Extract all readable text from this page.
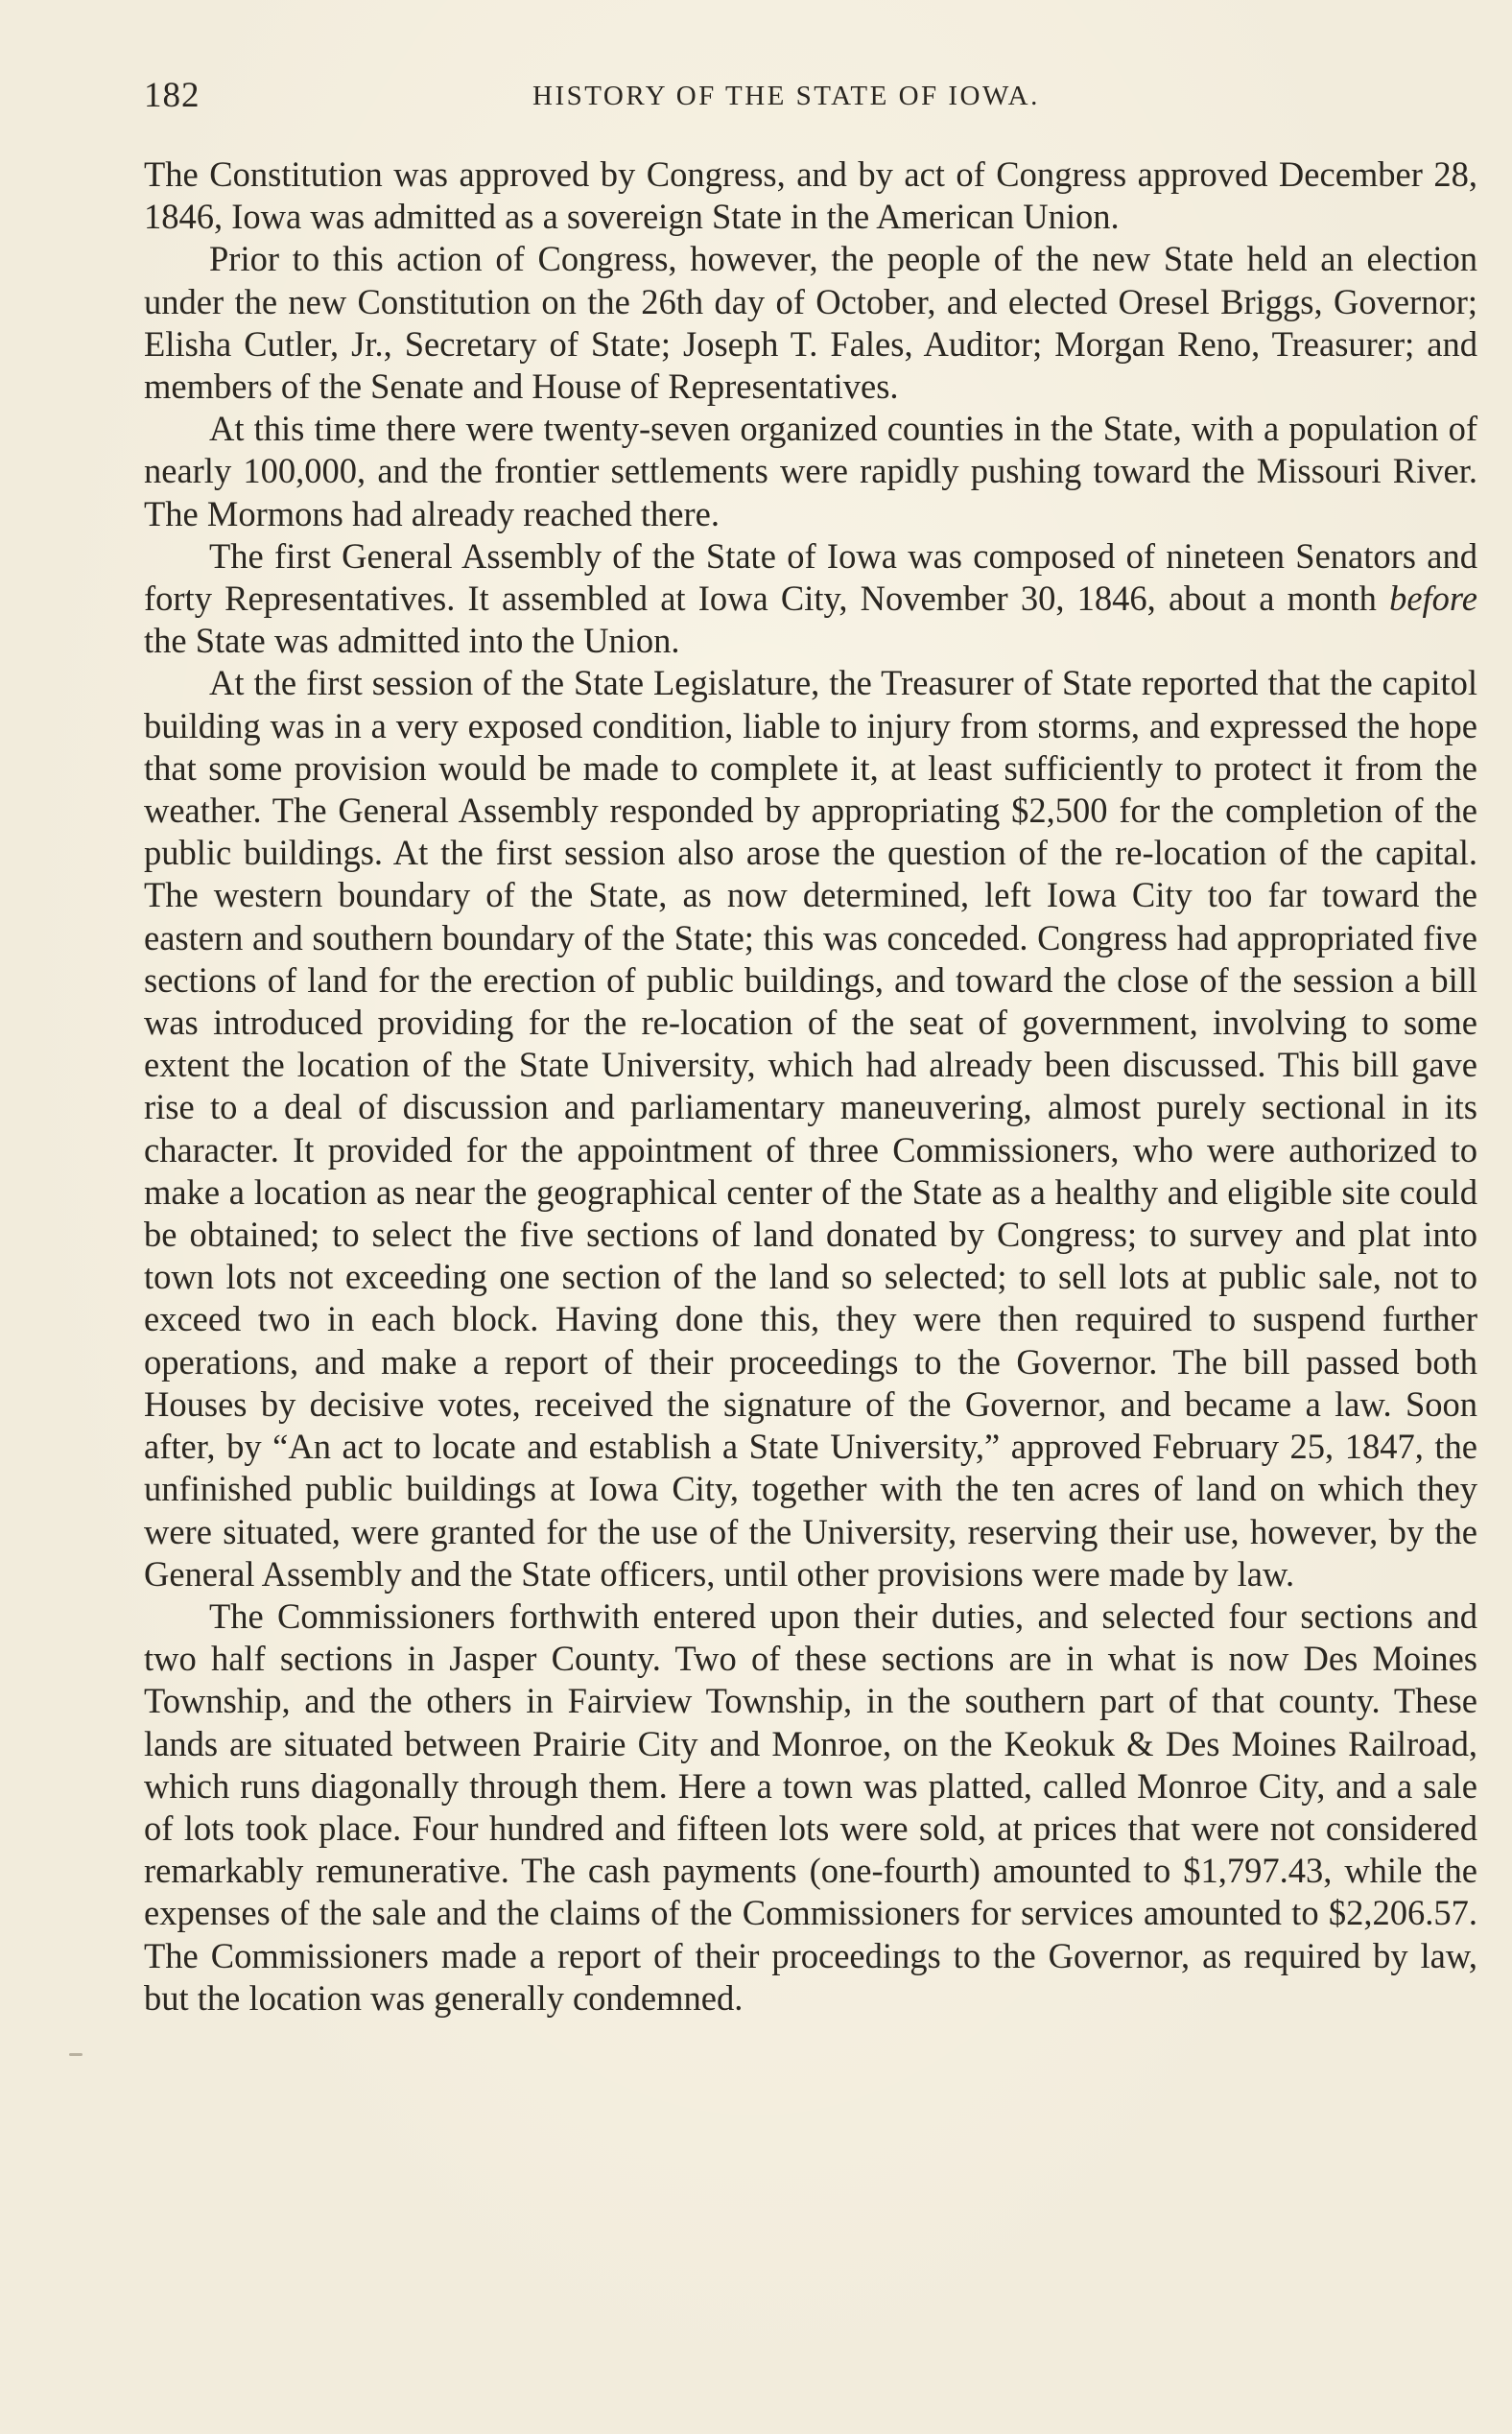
182	HISTORY OF THE STATE OF IOWA.

The Constitution was approved by Congress, and by act of Congress approved December 28, 1846, Iowa was admitted as a sovereign State in the American Union.

Prior to this action of Congress, however, the people of the new State held an election under the new Constitution on the 26th day of October, and elected Oresel Briggs, Governor; Elisha Cutler, Jr., Secretary of State; Joseph T. Fales, Auditor; Morgan Reno, Treasurer; and members of the Senate and House of Representatives.

At this time there were twenty-seven organized counties in the State, with a population of nearly 100,000, and the frontier settlements were rapidly pushing toward the Missouri River. The Mormons had already reached there.

The first General Assembly of the State of Iowa was composed of nineteen Senators and forty Representatives. It assembled at Iowa City, November 30, 1846, about a month before the State was admitted into the Union.

At the first session of the State Legislature, the Treasurer of State reported that the capitol building was in a very exposed condition, liable to injury from storms, and expressed the hope that some provision would be made to complete it, at least sufficiently to protect it from the weather. The General Assembly responded by appropriating $2,500 for the completion of the public buildings. At the first session also arose the question of the re-location of the capital. The western boundary of the State, as now determined, left Iowa City too far toward the eastern and southern boundary of the State; this was conceded. Congress had appropriated five sections of land for the erection of public buildings, and toward the close of the session a bill was introduced providing for the re-location of the seat of government, involving to some extent the location of the State University, which had already been discussed. This bill gave rise to a deal of discussion and parliamentary maneuvering, almost purely sectional in its character. It provided for the appointment of three Commissioners, who were authorized to make a location as near the geographical center of the State as a healthy and eligible site could be obtained; to select the five sections of land donated by Congress; to survey and plat into town lots not exceeding one section of the land so selected; to sell lots at public sale, not to exceed two in each block. Having done this, they were then required to suspend further operations, and make a report of their proceedings to the Governor. The bill passed both Houses by decisive votes, received the signature of the Governor, and became a law. Soon after, by “An act to locate and establish a State University,” approved February 25, 1847, the unfinished public buildings at Iowa City, together with the ten acres of land on which they were situated, were granted for the use of the University, reserving their use, however, by the General Assembly and the State officers, until other provisions were made by law.

The Commissioners forthwith entered upon their duties, and selected four sections and two half sections in Jasper County. Two of these sections are in what is now Des Moines Township, and the others in Fairview Township, in the southern part of that county. These lands are situated between Prairie City and Monroe, on the Keokuk & Des Moines Railroad, which runs diagonally through them. Here a town was platted, called Monroe City, and a sale of lots took place. Four hundred and fifteen lots were sold, at prices that were not considered remarkably remunerative. The cash payments (one-fourth) amounted to $1,797.43, while the expenses of the sale and the claims of the Commissioners for services amounted to $2,206.57. The Commissioners made a report of their proceedings to the Governor, as required by law, but the location was generally condemned.
